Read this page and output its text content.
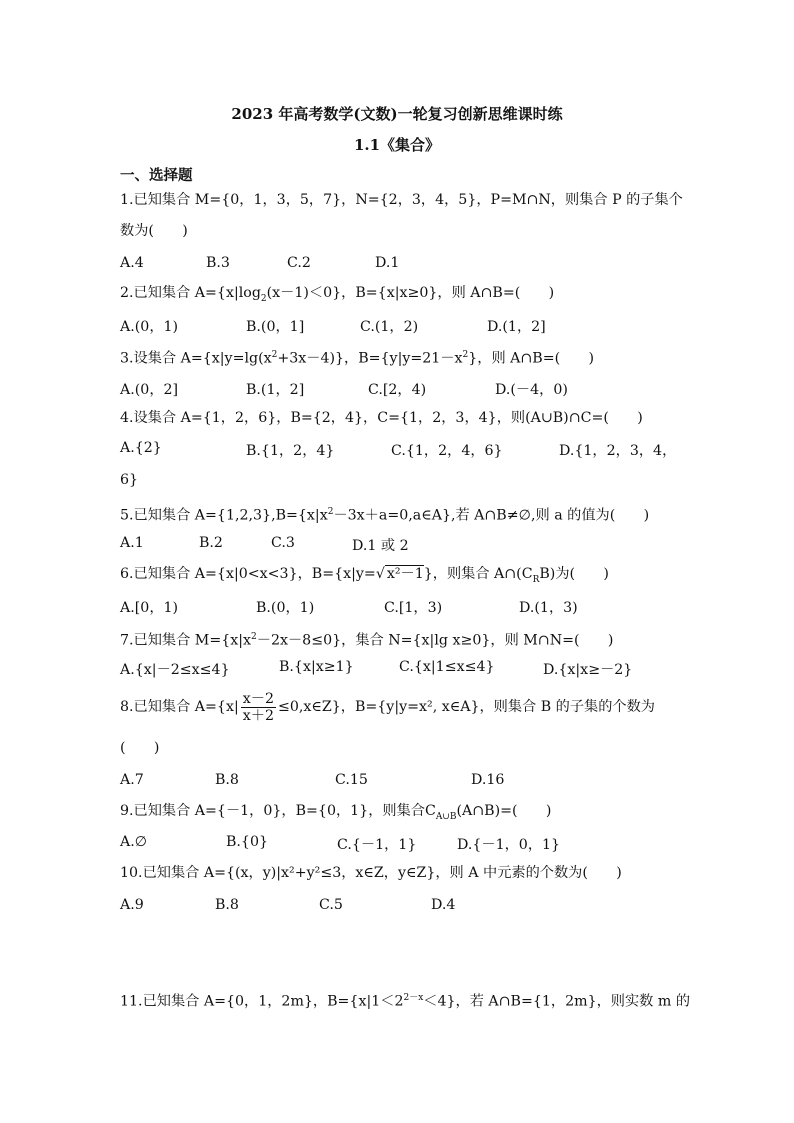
2023 年高考数学(文数)一轮复习创新思维课时练
1.1《集合》
一、选择题
1.已知集合 M={0，1，3，5，7}，N={2，3，4，5}，P=M∩N，则集合 P 的子集个
数为(　　)
A.4	B.3	C.2	D.1
2.已知集合 $A=\{x|\log_2(x-1)<0\}$，B={x|x≥0}，则 A∩B=(　　)
A.(0，1)	B.(0，1]	C.(1，2)	D.(1，2]
3.设集合 $A=\{x|y=\lg(x^2+3x-4)\}$，$B=\{y|y=21-x^2\}$，则 A∩B=(　　)
A.(0，2]	B.(1，2]	C.[2，4)	D.(－4，0)
4.设集合 A={1，2，6}，B={2，4}，C={1，2，3，4}，则(A∪B)∩C=(　　)
A.{2}	B.{1，2，4}	C.{1，2，4，6}	D.{1，2，3，4，
6}
5.已知集合 $A=\{1,2,3\},B=\{x|x^2-3x+a=0,a\in A\}$,若 A∩B≠∅,则 a 的值为(　　)
A.1	B.2	C.3	D.1 或 2
6.已知集合 A={x|0<x<3}，B={x|y=√ x²－1}，则集合 $A\cap(C_RB)$为(　　)
A.[0，1)	B.(0，1)	C.[1，3)	D.(1，3)
7.已知集合 $M=\{x|x^2-2x-8\le 0\}$，集合 N={x|lg x≥0}，则 M∩N=(　　)
A.{x|－2≤x≤4}	B.{x|x≥1}	C.{x|1≤x≤4}	D.{x|x≥－2}
8.已知集合 $A=\{x| \frac{x-2}{x+2}$ ≤0,x∈Z}，B={y|y=x², x∈A}，则集合 B 的子集的个数为
(　　)
A.7	B.8	C.15	D.16
9.已知集合 A={－1，0}，B={0，1}，则集合$C_{A\cup B}(A\cap B)=$(　　)
A.∅	B.{0}	C.{－1，1}	D.{－1，0，1}
10.已知集合 A={(x，y)|x²+y²≤3，x∈Z，y∈Z}，则 A 中元素的个数为(　　)
A.9	B.8	C.5	D.4
11.已知集合 A={0，1，2m}，$B=\{x|1<2^{2-x}<4\}$，若 A∩B={1，2m}，则实数 m 的
